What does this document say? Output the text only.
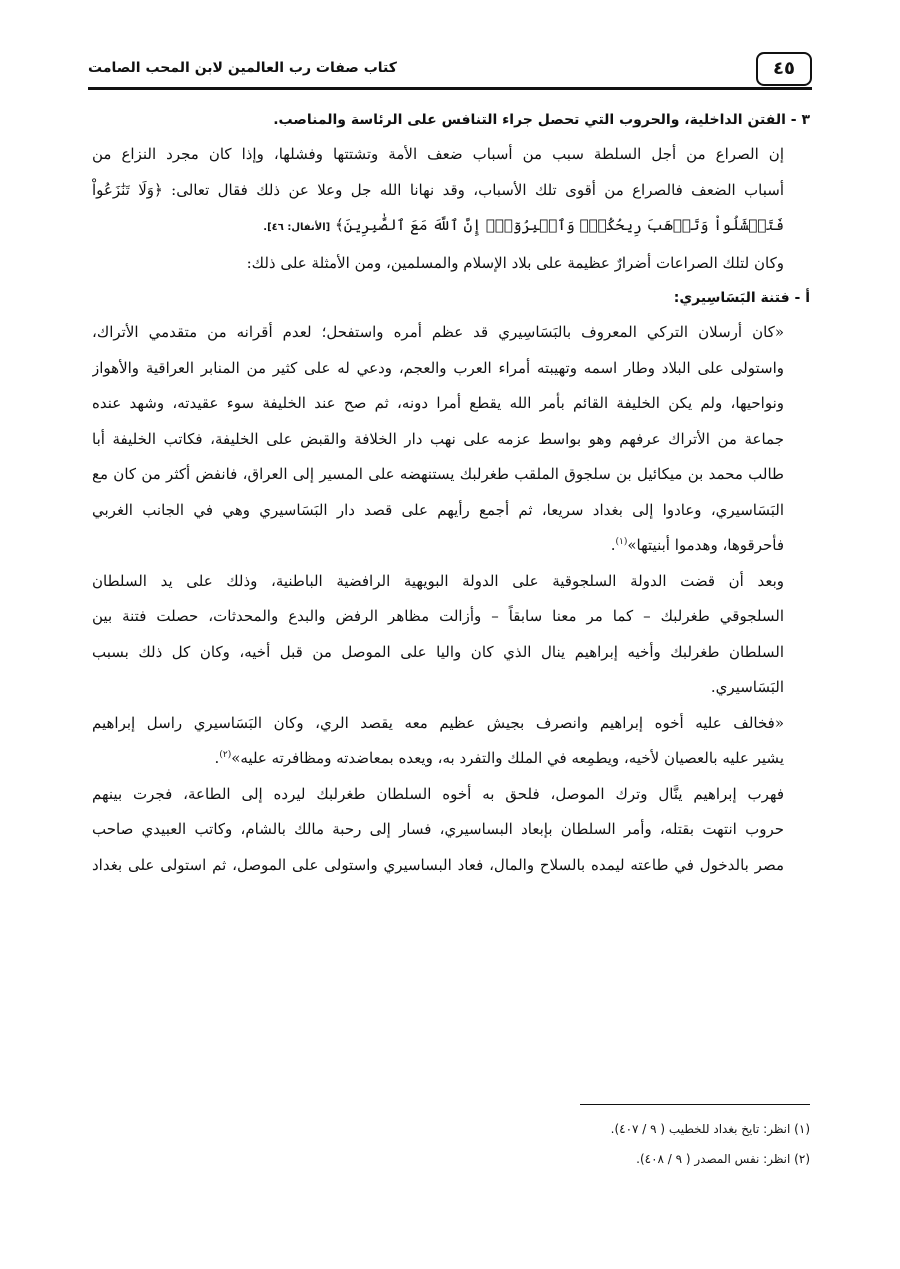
٤٥
كتاب صفات رب العالمين لابن المحب الصامت
٣ - الفتن الداخلية، والحروب التي تحصل جراء التنافس على الرئاسة والمناصب.
إن الصراع من أجل السلطة سبب من أسباب ضعف الأمة وتشتتها وفشلها، وإذا كان مجرد النزاع من
أسباب الضعف فالصراع من أقوى تلك الأسباب، وقد نهانا الله جل وعلا عن ذلك فقال تعالى: ﴿وَلَا تَنَٰزَعُواْ
فَتَفۡشَلُواْ وَتَذۡهَبَ رِيحُكُمۡۖ وَٱصۡبِرُوٓاْۚ إِنَّ ٱللَّهَ مَعَ ٱلصَّٰبِرِينَ﴾ [الأنفال: ٤٦].
وكان لتلك الصراعات أضرارٌ عظيمة على بلاد الإسلام والمسلمين، ومن الأمثلة على ذلك:
أ - فتنة البَسَاسِيري:
«كان أرسلان التركي المعروف بالبَسَاسِيري قد عظم أمره واستفحل؛ لعدم أقرانه من متقدمي الأتراك،
واستولى على البلاد وطار اسمه وتهيبته أمراء العرب والعجم، ودعي له على كثير من المنابر العراقية والأهواز
ونواحيها، ولم يكن الخليفة القائم بأمر الله يقطع أمرا دونه، ثم صح عند الخليفة سوء عقيدته، وشهد عنده
جماعة من الأتراك عرفهم وهو بواسط عزمه على نهب دار الخلافة والقبض على الخليفة، فكاتب الخليفة أبا
طالب محمد بن ميكائيل بن سلجوق الملقب طغرلبك يستنهضه على المسير إلى العراق، فانفض أكثر من كان مع
البَسَاسيري، وعادوا إلى بغداد سريعا، ثم أجمع رأيهم على قصد دار البَسَاسيري وهي في الجانب الغربي
فأحرقوها، وهدموا أبنيتها»$^{(١)}$.
وبعد أن قضت الدولة السلجوقية على الدولة البويهية الرافضية الباطنية، وذلك على يد السلطان
السلجوقي طغرلبك – كما مر معنا سابقاً – وأزالت مظاهر الرفض والبدع والمحدثات، حصلت فتنة بين
السلطان طغرلبك وأخيه إبراهيم ينال الذي كان واليا على الموصل من قبل أخيه، وكان كل ذلك بسبب
البَسَاسيري.
«فخالف عليه أخوه إبراهيم وانصرف بجيش عظيم معه يقصد الري، وكان البَسَاسيري راسل إبراهيم
يشير عليه بالعصيان لأخيه، ويطمِعه في الملك والتفرد به، ويعده بمعاضدته ومظافرته عليه»$^{(٢)}$.
فهرب إبراهيم ينَّال وترك الموصل، فلحق به أخوه السلطان طغرلبك ليرده إلى الطاعة، فجرت بينهم
حروب انتهت بقتله، وأمر السلطان بإبعاد البساسيري، فسار إلى رحبة مالك بالشام، وكاتب العبيدي صاحب
مصر بالدخول في طاعته ليمده بالسلاح والمال، فعاد البساسيري واستولى على الموصل، ثم استولى على بغداد
(١) انظر: تايخ بغداد للخطيب ( ٩ / ٤٠٧).
(٢) انظر: نفس المصدر ( ٩ / ٤٠٨).
